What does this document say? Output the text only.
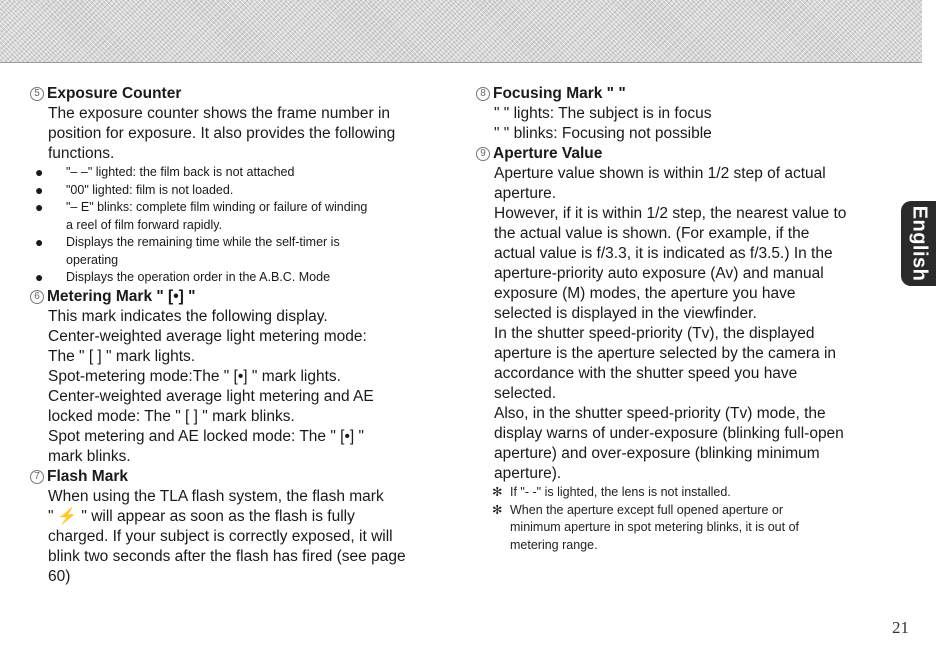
5 Exposure Counter

The exposure counter shows the frame number in

position for exposure. It also provides the following

functions.

● "– –" lighted: the film back is not attached
● "00" lighted: film is not loaded.
● "– E" blinks: complete film winding or failure of winding
a reel of film forward rapidly.
● Displays the remaining time while the self-timer is
operating
● Displays the operation order in the A.B.C. Mode
6 Metering Mark " [•] "

This mark indicates the following display.

Center-weighted average light metering mode:

The " [ ] " mark lights.

Spot-metering mode:The " [•] " mark lights.

Center-weighted average light metering and AE

locked mode: The " [ ] " mark blinks.

Spot metering and AE locked mode: The " [•] "

mark blinks.

7 Flash Mark

When using the TLA flash system, the flash mark

" ⚡ " will appear as soon as the flash is fully

charged. If your subject is correctly exposed, it will

blink two seconds after the flash has fired (see page

60)

8 Focusing Mark " "
" " lights: The subject is in focus
" " blinks: Focusing not possible
9 Aperture Value

Aperture value shown is within 1/2 step of actual

aperture.

However, if it is within 1/2 step, the nearest value to

the actual value is shown. (For example, if the

actual value is f/3.3, it is indicated as f/3.5.) In the

aperture-priority auto exposure (Av) and manual

exposure (M) modes, the aperture you have

selected is displayed in the viewfinder.

In the shutter speed-priority (Tv), the displayed

aperture is the aperture selected by the camera in

accordance with the shutter speed you have

selected.

Also, in the shutter speed-priority (Tv) mode, the

display warns of under-exposure (blinking full-open

aperture) and over-exposure (blinking minimum

aperture).

✻ If "- -" is lighted, the lens is not installed.
✻ When the aperture except full opened aperture or
minimum aperture in spot metering blinks, it is out of
metering range.
English
21
